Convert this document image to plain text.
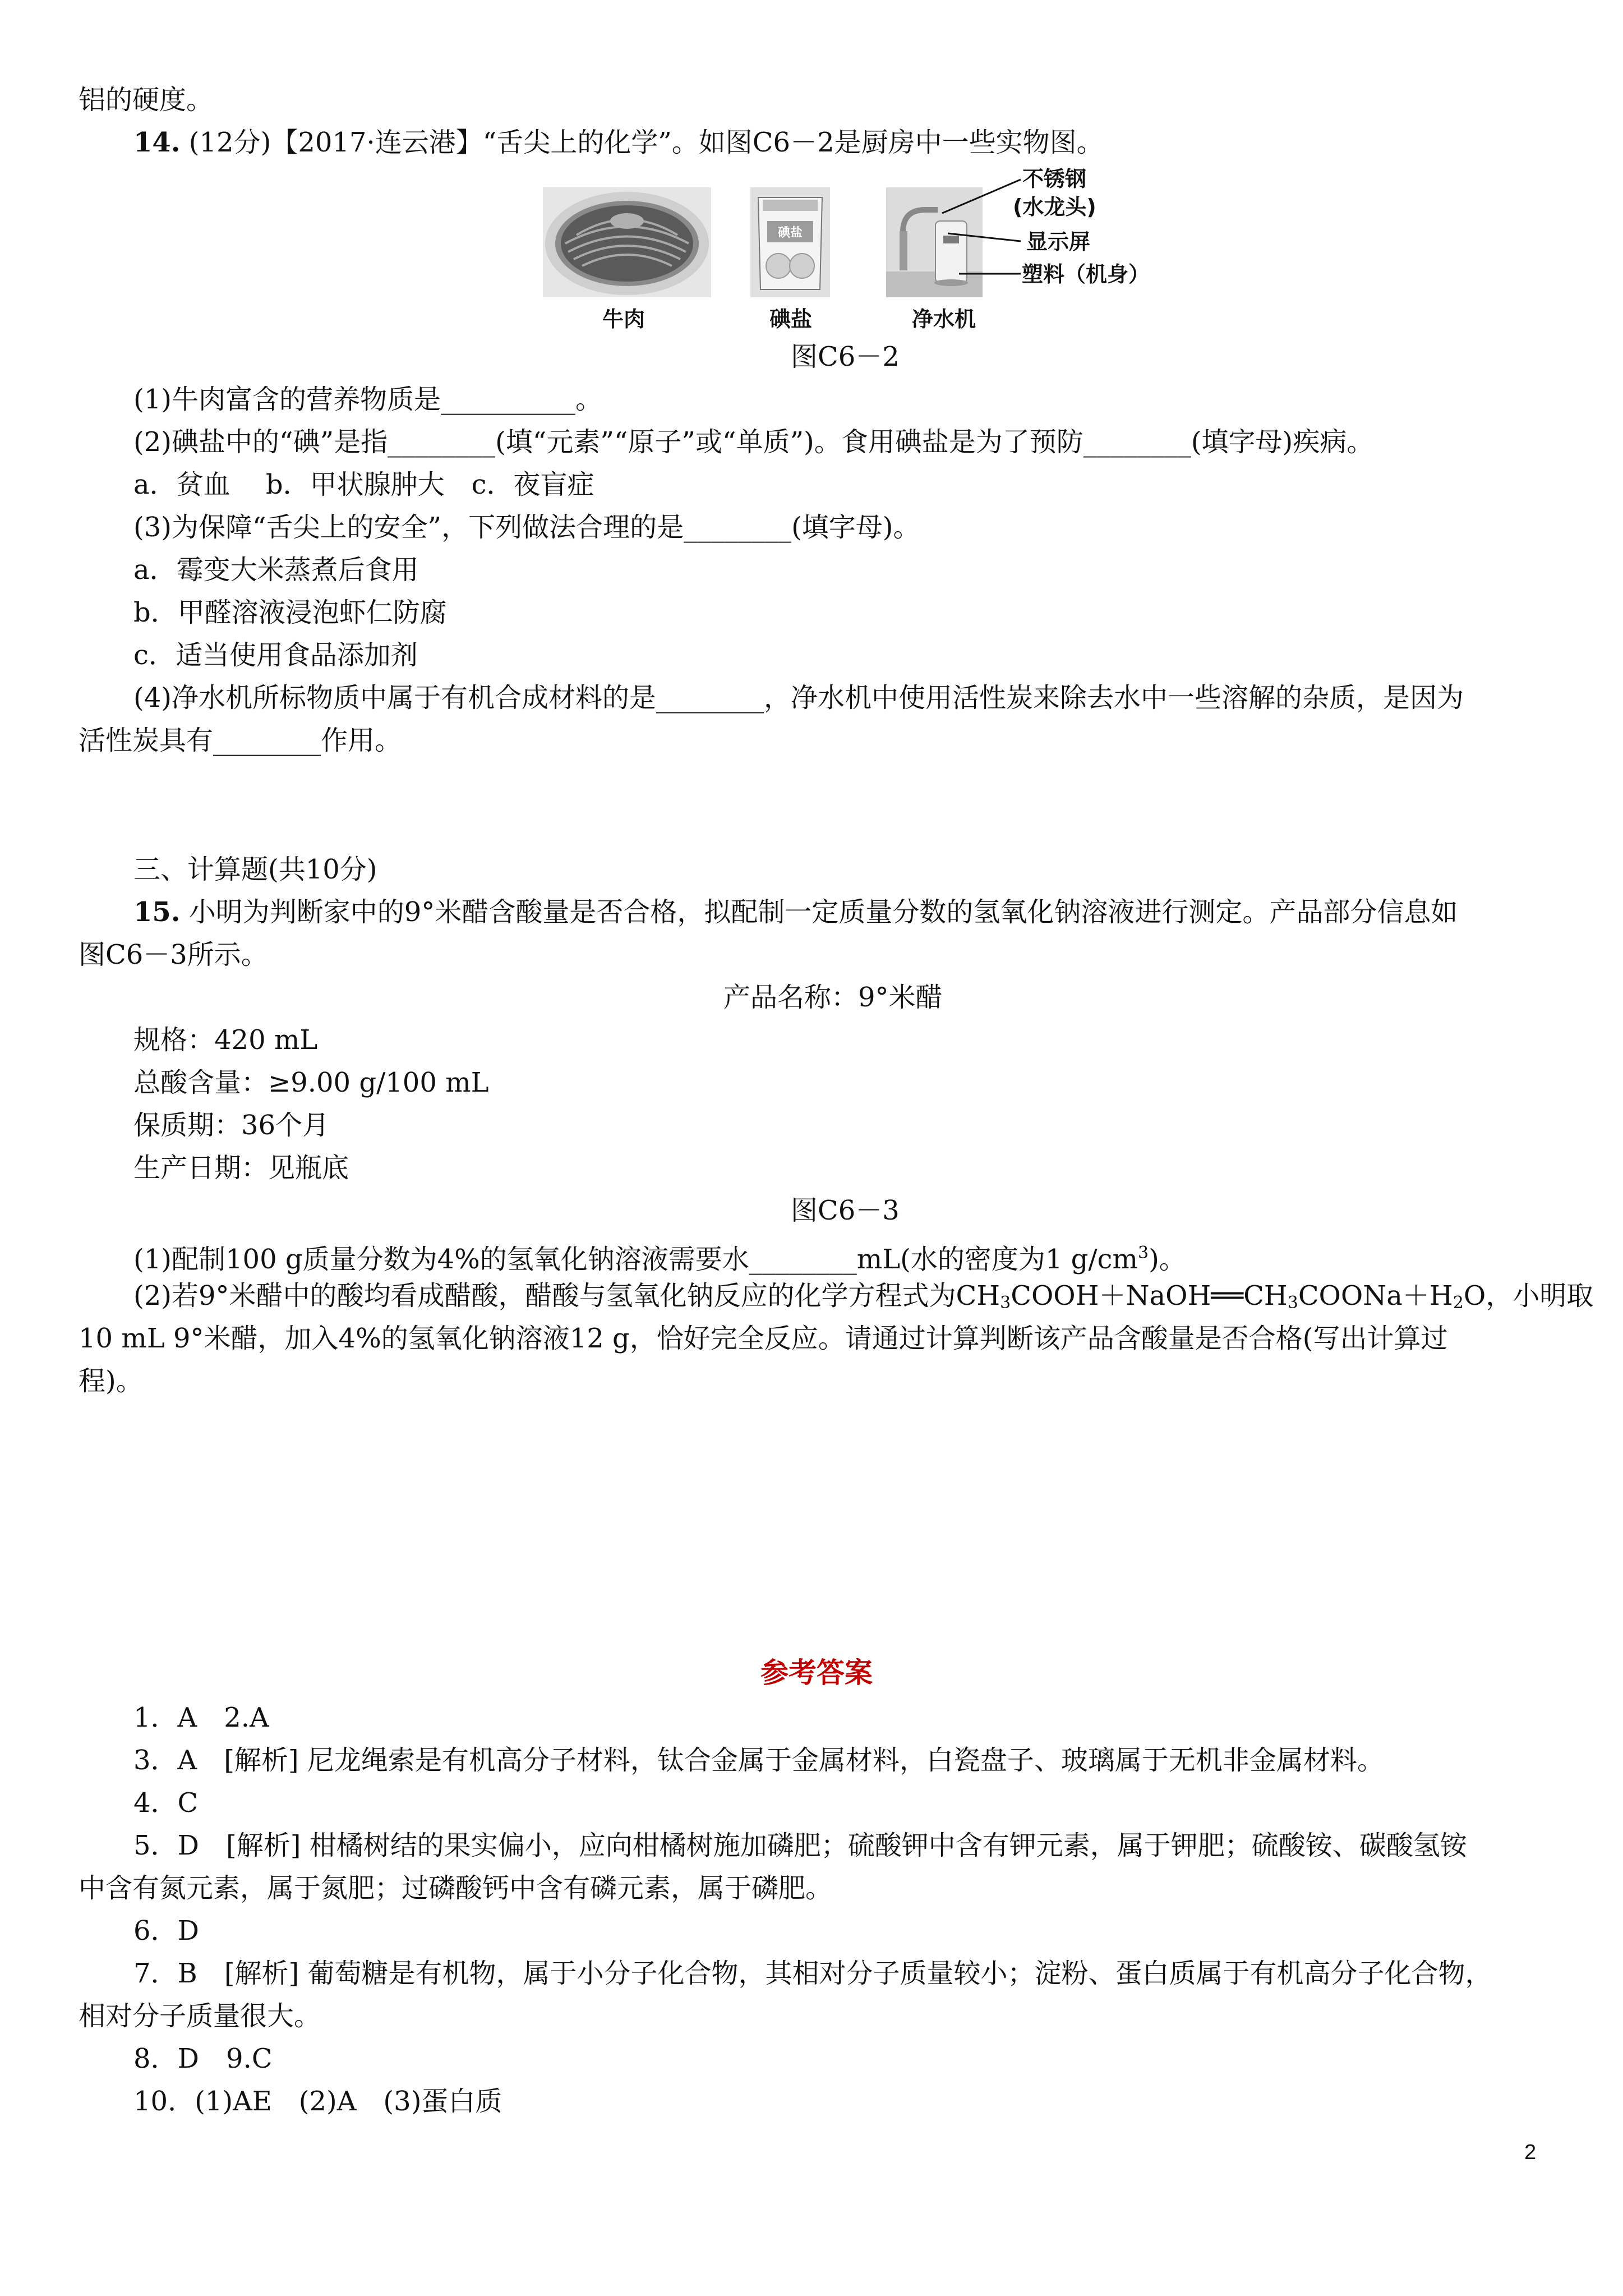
铝的硬度。
14. (12分)【2017·连云港】“舌尖上的化学”。如图C6－2是厨房中一些实物图。
碘盐
不锈钢
(水龙头)
显示屏
塑料（机身）
牛肉	碘盐	净水机
图C6－2
(1)牛肉富含的营养物质是__________。
(2)碘盐中的“碘”是指________(填“元素”“原子”或“单质”)。食用碘盐是为了预防________(填字母)疾病。
a．贫血　 b．甲状腺肿大　c．夜盲症
(3)为保障“舌尖上的安全”，下列做法合理的是________(填字母)。
a．霉变大米蒸煮后食用
b．甲醛溶液浸泡虾仁防腐
c．适当使用食品添加剂
(4)净水机所标物质中属于有机合成材料的是________，净水机中使用活性炭来除去水中一些溶解的杂质，是因为
活性炭具有________作用。
三、计算题(共10分)
15. 小明为判断家中的9°米醋含酸量是否合格，拟配制一定质量分数的氢氧化钠溶液进行测定。产品部分信息如
图C6－3所示。
产品名称：9°米醋
规格：420 mL
总酸含量：≥9.00 g/100 mL
保质期：36个月
生产日期：见瓶底
图C6－3
(1)配制100 g质量分数为4%的氢氧化钠溶液需要水________mL(水的密度为1 $g/cm^3$)。
(2)若9°米醋中的酸均看成醋酸，醋酸与氢氧化钠反应的化学方程式为$CH_3COOH+NaOH══CH_3COONa+H_2O$，小明取
10 mL 9°米醋，加入4%的氢氧化钠溶液12 g，恰好完全反应。请通过计算判断该产品含酸量是否合格(写出计算过
程)。
参考答案
1．A　2.A
3．A　[解析] 尼龙绳索是有机高分子材料，钛合金属于金属材料，白瓷盘子、玻璃属于无机非金属材料。
4．C
5．D　[解析] 柑橘树结的果实偏小，应向柑橘树施加磷肥；硫酸钾中含有钾元素，属于钾肥；硫酸铵、碳酸氢铵
中含有氮元素，属于氮肥；过磷酸钙中含有磷元素，属于磷肥。
6．D
7．B　[解析] 葡萄糖是有机物，属于小分子化合物，其相对分子质量较小；淀粉、蛋白质属于有机高分子化合物，
相对分子质量很大。
8．D　9.C
10．(1)AE　(2)A　(3)蛋白质
2
